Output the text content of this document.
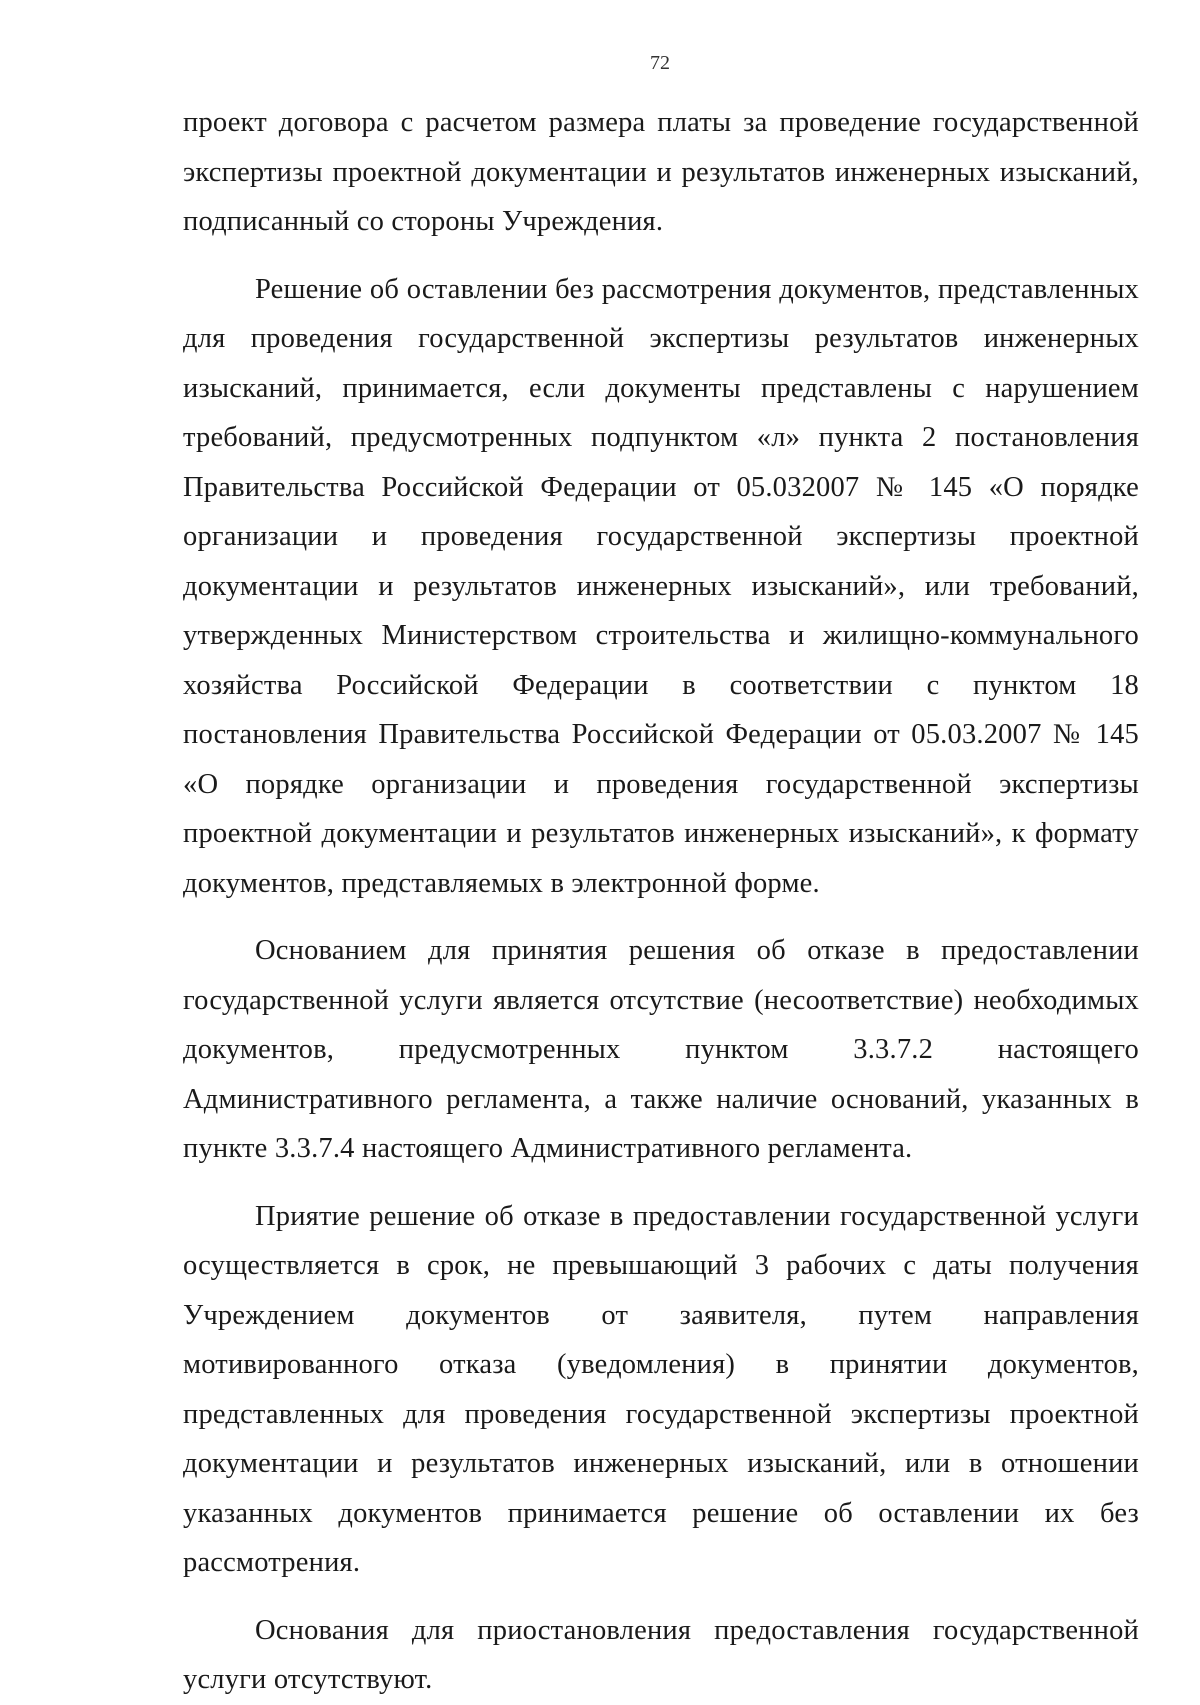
72

проект договора с расчетом размера платы за проведение государственной экспертизы проектной документации и результатов инженерных изысканий, подписанный со стороны Учреждения.

Решение об оставлении без рассмотрения документов, представленных для проведения государственной экспертизы результатов инженерных изысканий, принимается, если документы представлены с нарушением требований, предусмотренных подпунктом «л» пункта 2 постановления Правительства Российской Федерации от 05.032007 № 145 «О порядке организации и проведения государственной экспертизы проектной документации и результатов инженерных изысканий», или требований, утвержденных Министерством строительства и жилищно-коммунального хозяйства Российской Федерации в соответствии с пунктом 18 постановления Правительства Российской Федерации от 05.03.2007 № 145 «О порядке организации и проведения государственной экспертизы проектной документации и результатов инженерных изысканий», к формату документов, представляемых в электронной форме.

Основанием для принятия решения об отказе в предоставлении государственной услуги является отсутствие (несоответствие) необходимых документов, предусмотренных пунктом 3.3.7.2 настоящего Административного регламента, а также наличие оснований, указанных в пункте 3.3.7.4 настоящего Административного регламента.

Приятие решение об отказе в предоставлении государственной услуги осуществляется в срок, не превышающий 3 рабочих с даты получения Учреждением документов от заявителя, путем направления мотивированного отказа (уведомления) в принятии документов, представленных для проведения государственной экспертизы проектной документации и результатов инженерных изысканий, или в отношении указанных документов принимается решение об оставлении их без рассмотрения.

Основания для приостановления предоставления государственной услуги отсутствуют.
